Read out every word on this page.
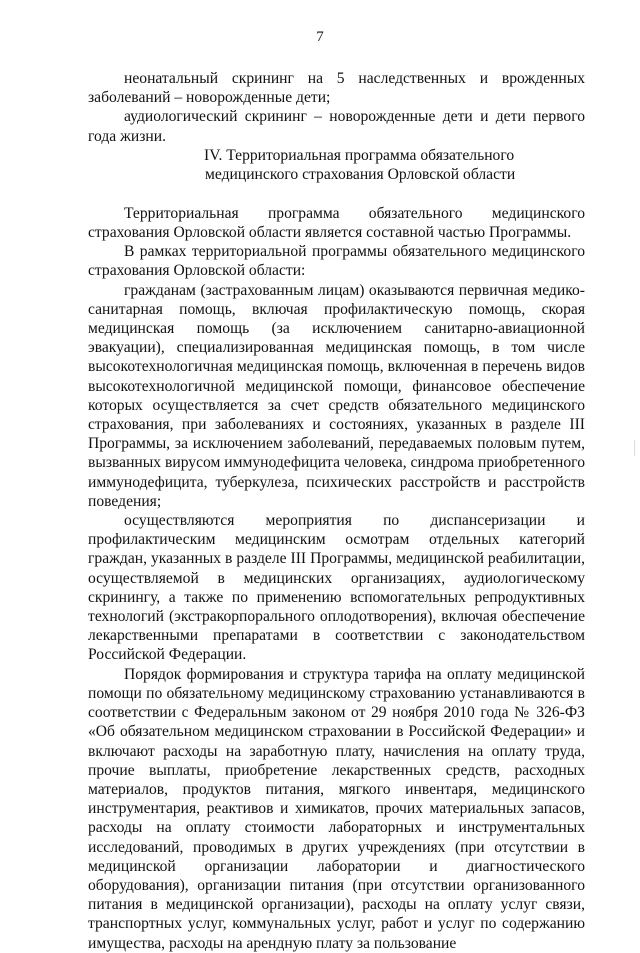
7

неонатальный скрининг на 5 наследственных и врожденных заболеваний – новорожденные дети;

аудиологический скрининг – новорожденные дети и дети первого года жизни.

IV. Территориальная программа обязательного
медицинского страхования Орловской области

Территориальная программа обязательного медицинского страхования Орловской области является составной частью Программы.

В рамках территориальной программы обязательного медицинского страхования Орловской области:

гражданам (застрахованным лицам) оказываются первичная медико-санитарная помощь, включая профилактическую помощь, скорая медицинская помощь (за исключением санитарно-авиационной эвакуации), специализированная медицинская помощь, в том числе высокотехнологичная медицинская помощь, включенная в перечень видов высокотехнологичной медицинской помощи, финансовое обеспечение которых осуществляется за счет средств обязательного медицинского страхования, при заболеваниях и состояниях, указанных в разделе III Программы, за исключением заболеваний, передаваемых половым путем, вызванных вирусом иммунодефицита человека, синдрома приобретенного иммунодефицита, туберкулеза, психических расстройств и расстройств поведения;

осуществляются мероприятия по диспансеризации и профилактическим медицинским осмотрам отдельных категорий граждан, указанных в разделе III Программы, медицинской реабилитации, осуществляемой в медицинских организациях, аудиологическому скринингу, а также по применению вспомогательных репродуктивных технологий (экстракорпорального оплодотворения), включая обеспечение лекарственными препаратами в соответствии с законодательством Российской Федерации.

Порядок формирования и структура тарифа на оплату медицинской помощи по обязательному медицинскому страхованию устанавливаются в соответствии с Федеральным законом от 29 ноября 2010 года № 326-ФЗ «Об обязательном медицинском страховании в Российской Федерации» и включают расходы на заработную плату, начисления на оплату труда, прочие выплаты, приобретение лекарственных средств, расходных материалов, продуктов питания, мягкого инвентаря, медицинского инструментария, реактивов и химикатов, прочих материальных запасов, расходы на оплату стоимости лабораторных и инструментальных исследований, проводимых в других учреждениях (при отсутствии в медицинской организации лаборатории и диагностического оборудования), организации питания (при отсутствии организованного питания в медицинской организации), расходы на оплату услуг связи, транспортных услуг, коммунальных услуг, работ и услуг по содержанию имущества, расходы на арендную плату за пользование
